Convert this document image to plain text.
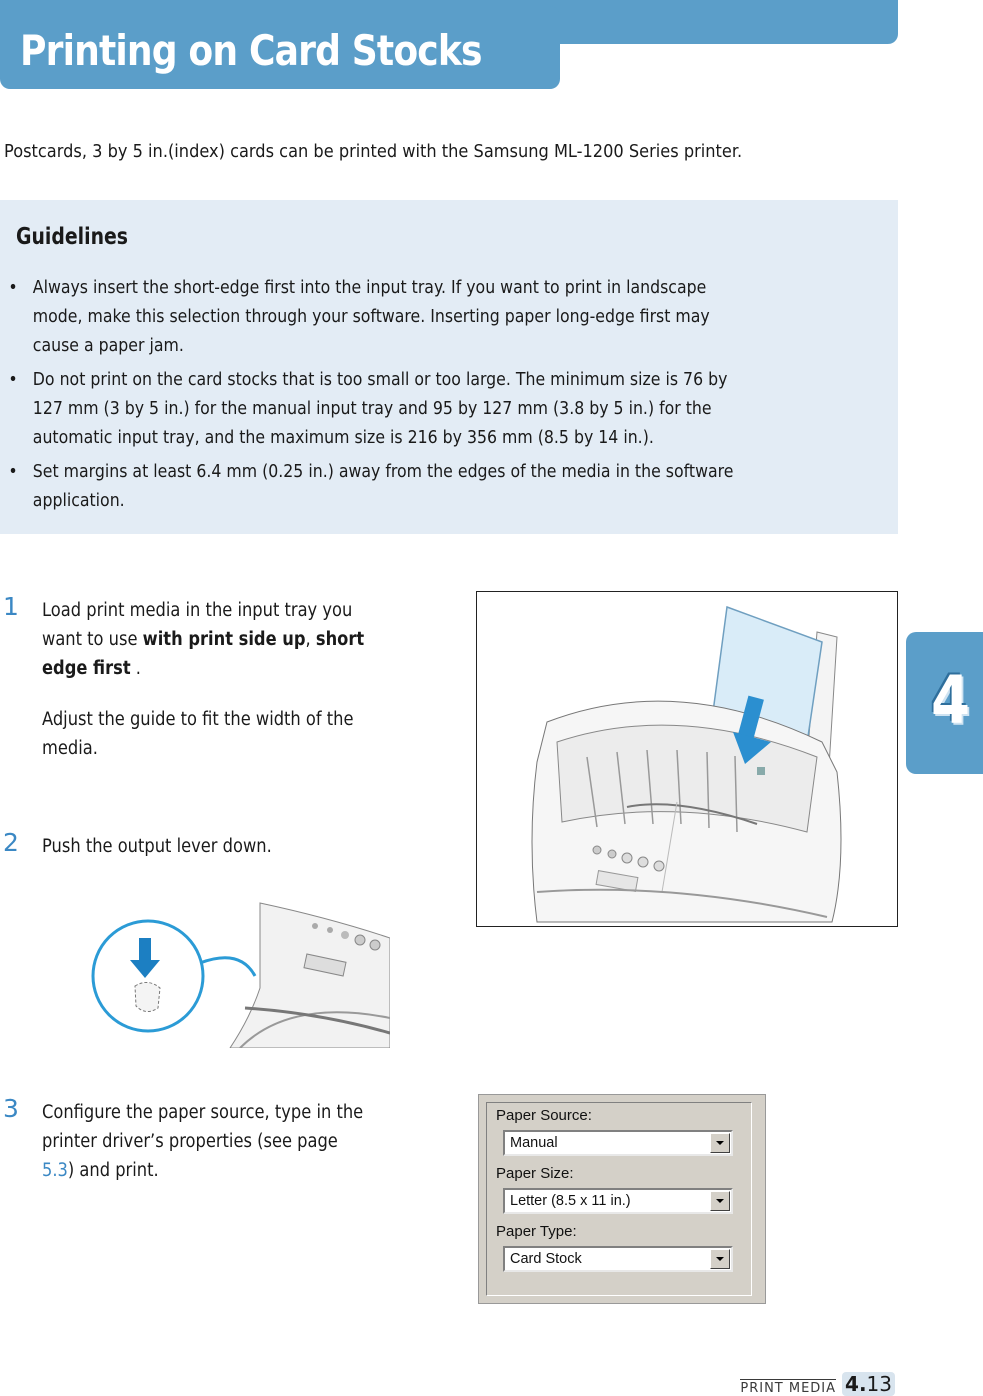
Printing on Card Stocks
Postcards, 3 by 5 in.(index) cards can be printed with the Samsung ML-1200 Series printer.
Guidelines
• Always insert the short-edge first into the input tray. If you want to print in landscape
mode, make this selection through your software. Inserting paper long-edge first may
cause a paper jam.
• Do not print on the card stocks that is too small or too large. The minimum size is 76 by
127 mm (3 by 5 in.) for the manual input tray and 95 by 127 mm (3.8 by 5 in.) for the
automatic input tray, and the maximum size is 216 by 356 mm (8.5 by 14 in.).
• Set margins at least 6.4 mm (0.25 in.) away from the edges of the media in the software
application.
1 Load print media in the input tray you
want to use with print side up, short
edge first .
Adjust the guide to fit the width of the
media.
2 Push the output lever down.
3 Configure the paper source, type in the
printer driver’s properties (see page
5.3) and print.
Paper Source:
Manual
Paper Size:
Letter (8.5 x 11 in.)
Paper Type:
Card Stock
4
PRINT MEDIA 4.13
